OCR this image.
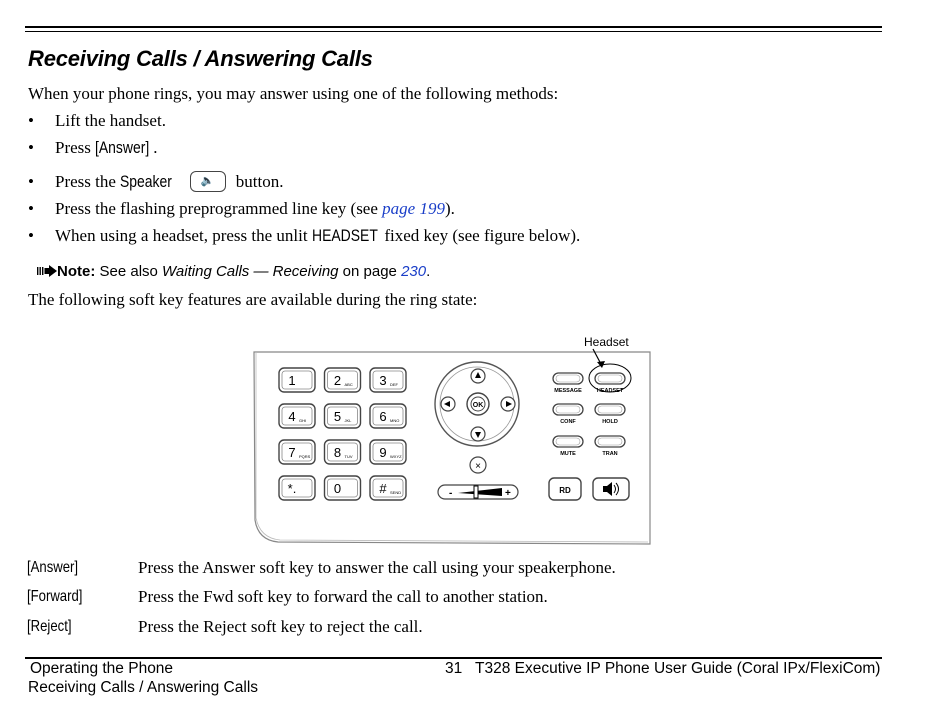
Receiving Calls / Answering Calls
When your phone rings, you may answer using one of the following methods:
• Lift the handset.
• Press [Answer] .
• Press the Speaker	🔈 button.
• Press the flashing preprogrammed line key (see page 199).
• When using a headset, press the unlit HEADSET fixed key (see figure below).
Note: See also Waiting Calls — Receiving on page 230.
The following soft key features are available during the ring state:
1	2 ABC 3 DEF
4 GHI 5 JKL 6 MNO
7 PQRS 8 TUV 9 WXYZ
*.	0	# SEND
OK
×
-	+
MESSAGE	HEADSET
CONF	HOLD
MUTE	TRAN
Headset
RD
[Answer]	Press the Answer soft key to answer the call using your speakerphone.
[Forward]	Press the Fwd soft key to forward the call to another station.
[Reject]	Press the Reject soft key to reject the call.
Operating the Phone
Receiving Calls / Answering Calls
31 T328 Executive IP Phone User Guide (Coral IPx/FlexiCom)
